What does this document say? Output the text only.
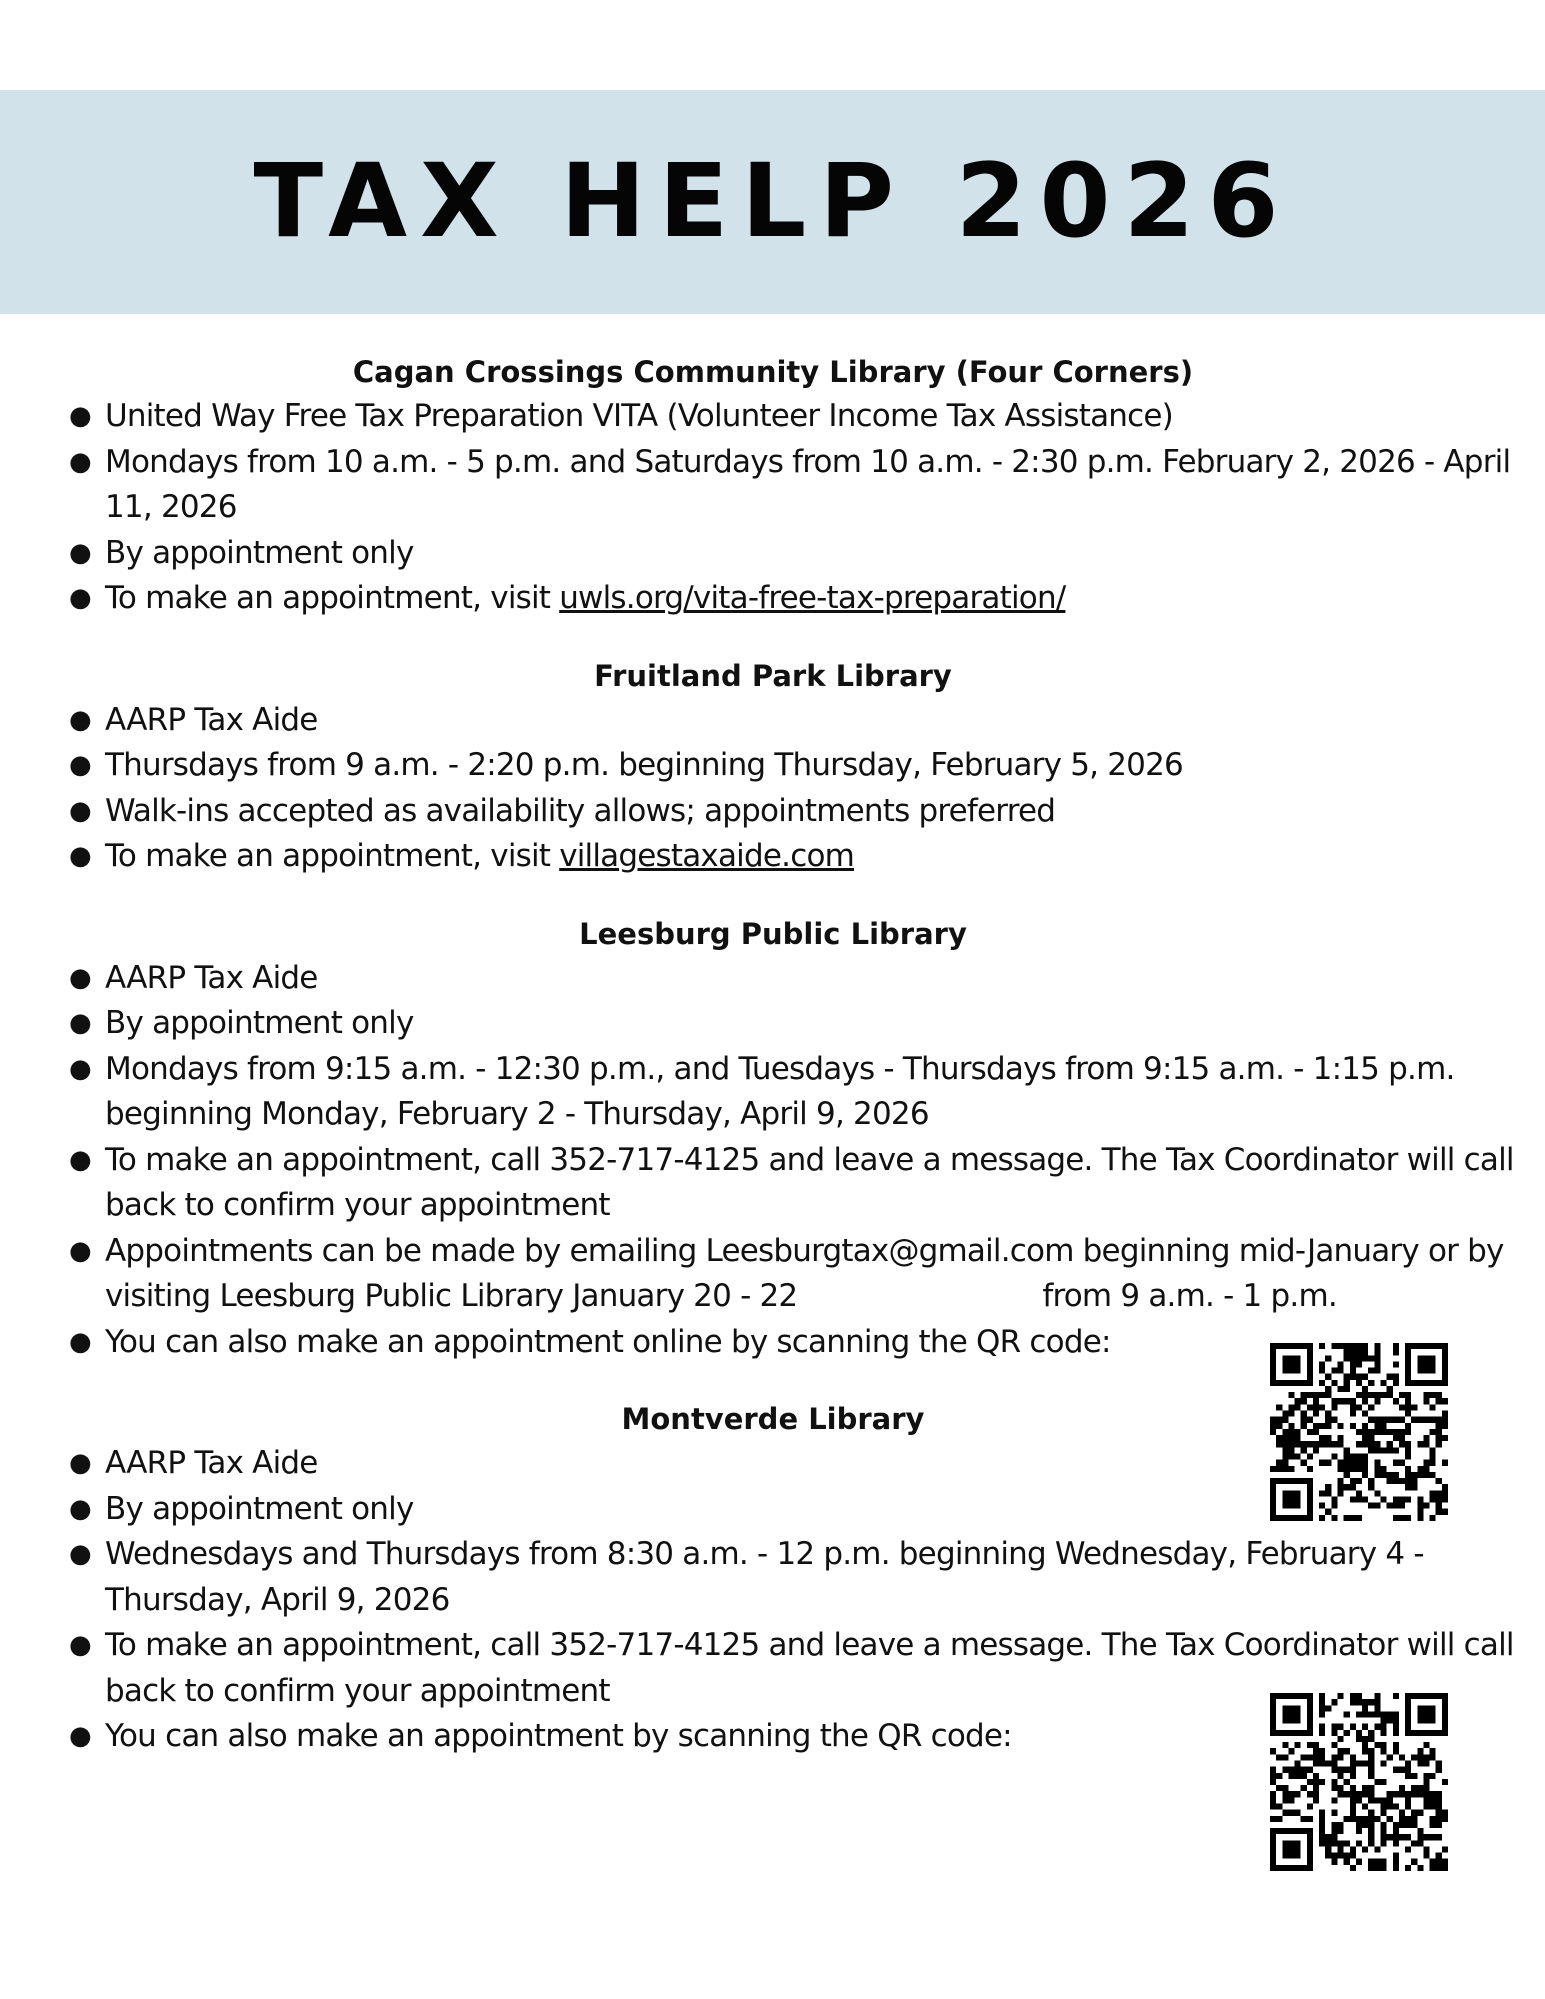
TAX HELP 2026
Cagan Crossings Community Library (Four Corners)
● United Way Free Tax Preparation VITA (Volunteer Income Tax Assistance)
● Mondays from 10 a.m. - 5 p.m. and Saturdays from 10 a.m. - 2:30 p.m. February 2, 2026 - April 11, 2026
● By appointment only
● To make an appointment, visit uwls.org/vita-free-tax-preparation/
Fruitland Park Library
● AARP Tax Aide
● Thursdays from 9 a.m. - 2:20 p.m. beginning Thursday, February 5, 2026
● Walk-ins accepted as availability allows; appointments preferred
● To make an appointment, visit villagestaxaide.com
Leesburg Public Library
● AARP Tax Aide
● By appointment only
● Mondays from 9:15 a.m. - 12:30 p.m., and Tuesdays - Thursdays from 9:15 a.m. - 1:15 p.m. beginning Monday, February 2 - Thursday, April 9, 2026
● To make an appointment, call 352-717-4125 and leave a message. The Tax Coordinator will call back to confirm your appointment
● Appointments can be made by emailing Leesburgtax@gmail.com beginning mid-January or by visiting Leesburg Public Library January 20 - 22	from 9 a.m. - 1 p.m.
● You can also make an appointment online by scanning the QR code:
Montverde Library
● AARP Tax Aide
● By appointment only
● Wednesdays and Thursdays from 8:30 a.m. - 12 p.m. beginning Wednesday, February 4 - Thursday, April 9, 2026
● To make an appointment, call 352-717-4125 and leave a message. The Tax Coordinator will call back to confirm your appointment
● You can also make an appointment by scanning the QR code:
